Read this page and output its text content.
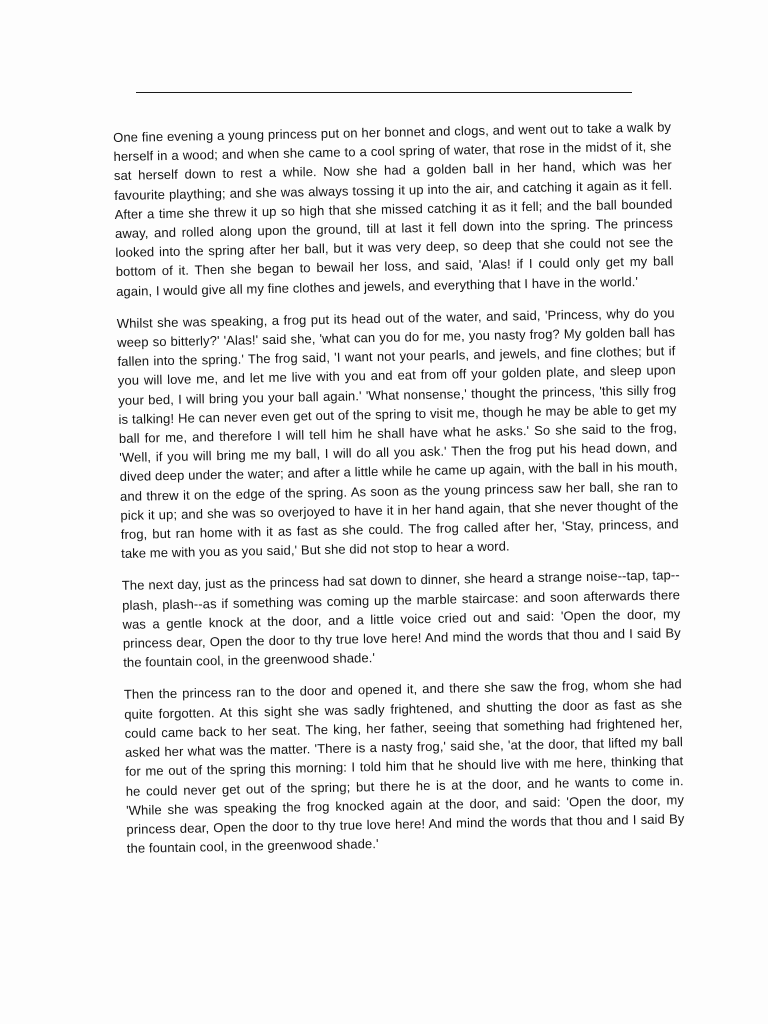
One fine evening a young princess put on her bonnet and clogs, and went out to take a walk by herself in a wood; and when she came to a cool spring of water, that rose in the midst of it, she sat herself down to rest a while. Now she had a golden ball in her hand, which was her favourite plaything; and she was always tossing it up into the air, and catching it again as it fell. After a time she threw it up so high that she missed catching it as it fell; and the ball bounded away, and rolled along upon the ground, till at last it fell down into the spring. The princess looked into the spring after her ball, but it was very deep, so deep that she could not see the bottom of it. Then she began to bewail her loss, and said, 'Alas! if I could only get my ball again, I would give all my fine clothes and jewels, and everything that I have in the world.'

Whilst she was speaking, a frog put its head out of the water, and said, 'Princess, why do you weep so bitterly?' 'Alas!' said she, 'what can you do for me, you nasty frog? My golden ball has fallen into the spring.' The frog said, 'I want not your pearls, and jewels, and fine clothes; but if you will love me, and let me live with you and eat from off your golden plate, and sleep upon your bed, I will bring you your ball again.' 'What nonsense,' thought the princess, 'this silly frog is talking! He can never even get out of the spring to visit me, though he may be able to get my ball for me, and therefore I will tell him he shall have what he asks.' So she said to the frog, 'Well, if you will bring me my ball, I will do all you ask.' Then the frog put his head down, and dived deep under the water; and after a little while he came up again, with the ball in his mouth, and threw it on the edge of the spring. As soon as the young princess saw her ball, she ran to pick it up; and she was so overjoyed to have it in her hand again, that she never thought of the frog, but ran home with it as fast as she could. The frog called after her, 'Stay, princess, and take me with you as you said,' But she did not stop to hear a word.

The next day, just as the princess had sat down to dinner, she heard a strange noise--tap, tap--plash, plash--as if something was coming up the marble staircase: and soon afterwards there was a gentle knock at the door, and a little voice cried out and said: 'Open the door, my princess dear, Open the door to thy true love here! And mind the words that thou and I said By the fountain cool, in the greenwood shade.'

Then the princess ran to the door and opened it, and there she saw the frog, whom she had quite forgotten. At this sight she was sadly frightened, and shutting the door as fast as she could came back to her seat. The king, her father, seeing that something had frightened her, asked her what was the matter. 'There is a nasty frog,' said she, 'at the door, that lifted my ball for me out of the spring this morning: I told him that he should live with me here, thinking that he could never get out of the spring; but there he is at the door, and he wants to come in. 'While she was speaking the frog knocked again at the door, and said: 'Open the door, my princess dear, Open the door to thy true love here! And mind the words that thou and I said By the fountain cool, in the greenwood shade.'
